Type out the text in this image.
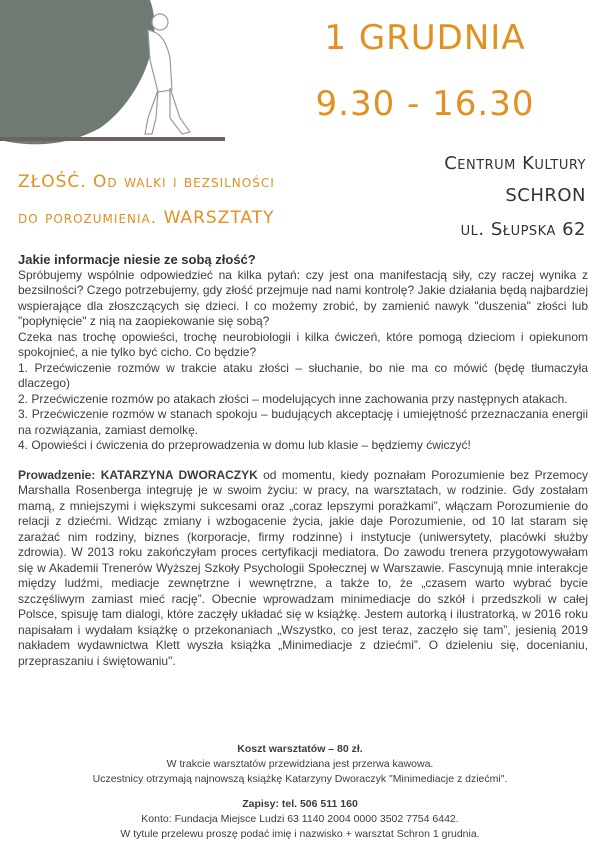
1 GRUDNIA
9.30 - 16.30
ZŁOŚĆ. Od walki i bezsilności
do porozumienia. WARSZTATY
Centrum Kultury
SCHRON
ul. Słupska 62
Jakie informacje niesie ze sobą złość?

Spróbujemy wspólnie odpowiedzieć na kilka pytań: czy jest ona manifestacją siły, czy raczej wynika z bezsilności? Czego potrzebujemy, gdy złość przejmuje nad nami kontrolę? Jakie działania będą najbardziej wspierające dla złoszczących się dzieci. I co możemy zrobić, by zamienić nawyk "duszenia" złości lub "popłynięcie" z nią na zaopiekowanie się sobą?

Czeka nas trochę opowieści, trochę neurobiologii i kilka ćwiczeń, które pomogą dzieciom i opiekunom spokojnieć, a nie tylko być cicho. Co będzie?

1. Przećwiczenie rozmów w trakcie ataku złości – słuchanie, bo nie ma co mówić (będę tłumaczyła dlaczego)

2. Przećwiczenie rozmów po atakach złości – modelujących inne zachowania przy następnych atakach.

3. Przećwiczenie rozmów w stanach spokoju – budujących akceptację i umiejętność przeznaczania energii na rozwiązania, zamiast demolkę.

4. Opowieści i ćwiczenia do przeprowadzenia w domu lub klasie – będziemy ćwiczyć!

Prowadzenie: KATARZYNA DWORACZYK od momentu, kiedy poznałam Porozumienie bez Przemocy Marshalla Rosenberga integruję je w swoim życiu: w pracy, na warsztatach, w rodzinie. Gdy zostałam mamą, z mniejszymi i większymi sukcesami oraz „coraz lepszymi porażkami”, włączam Porozumienie do relacji z dziećmi. Widząc zmiany i wzbogacenie życia, jakie daje Porozumienie, od 10 lat staram się zarażać nim rodziny, biznes (korporacje, firmy rodzinne) i instytucje (uniwersytety, placówki służby zdrowia). W 2013 roku zakończyłam proces certyfikacji mediatora. Do zawodu trenera przygotowywałam się w Akademii Trenerów Wyższej Szkoły Psychologii Społecznej w Warszawie. Fascynują mnie interakcje między ludźmi, mediacje zewnętrzne i wewnętrzne, a także to, że „czasem warto wybrać bycie szczęśliwym zamiast mieć rację”. Obecnie wprowadzam minimediacje do szkół i przedszkoli w całej Polsce, spisuję tam dialogi, które zaczęły układać się w książkę. Jestem autorką i ilustratorką, w 2016 roku napisałam i wydałam książkę o przekonaniach „Wszystko, co jest teraz, zaczęło się tam”, jesienią 2019 nakładem wydawnictwa Klett wyszła książka „Minimediacje z dziećmi”. O dzieleniu się, docenianiu, przepraszaniu i świętowaniu".

Koszt warsztatów – 80 zł.

W trakcie warsztatów przewidziana jest przerwa kawowa.

Uczestnicy otrzymają najnowszą książkę Katarzyny Dworaczyk "Minimediacje z dziećmi".

Zapisy: tel. 506 511 160

Konto: Fundacja Miejsce Ludzi 63 1140 2004 0000 3502 7754 6442.

W tytule przelewu proszę podać imię i nazwisko + warsztat Schron 1 grudnia.
